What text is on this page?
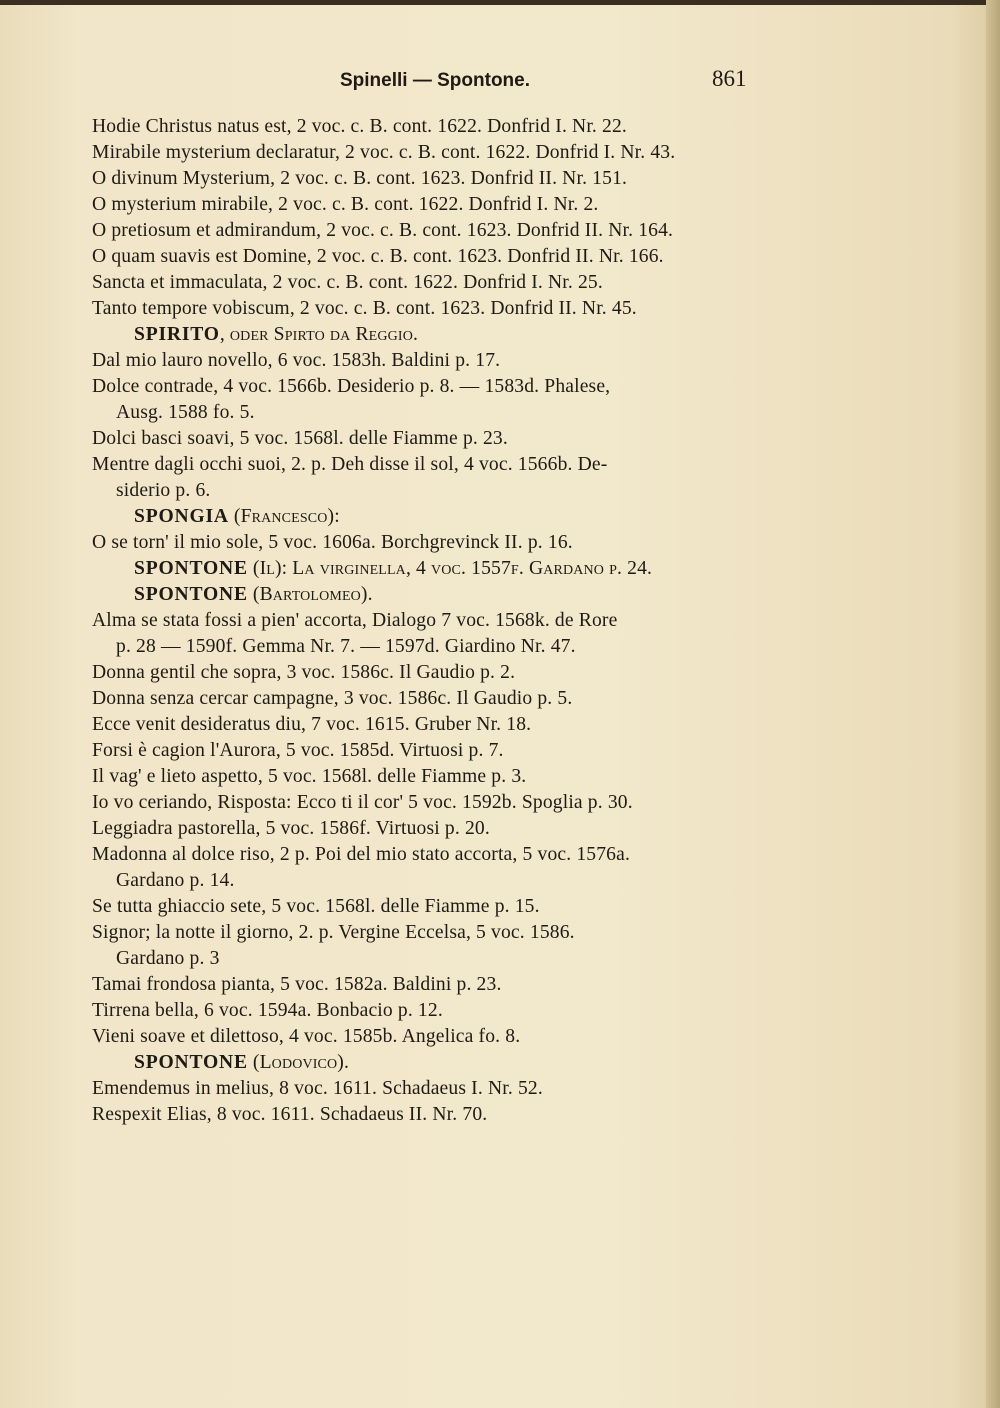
Spinelli — Spontone.	861
Hodie Christus natus est, 2 voc. c. B. cont. 1622. Donfrid I. Nr. 22.
Mirabile mysterium declaratur, 2 voc. c. B. cont. 1622. Donfrid I. Nr. 43.
O divinum Mysterium, 2 voc. c. B. cont. 1623. Donfrid II. Nr. 151.
O mysterium mirabile, 2 voc. c. B. cont. 1622. Donfrid I. Nr. 2.
O pretiosum et admirandum, 2 voc. c. B. cont. 1623. Donfrid II. Nr. 164.
O quam suavis est Domine, 2 voc. c. B. cont. 1623. Donfrid II. Nr. 166.
Sancta et immaculata, 2 voc. c. B. cont. 1622. Donfrid I. Nr. 25.
Tanto tempore vobiscum, 2 voc. c. B. cont. 1623. Donfrid II. Nr. 45.
SPIRITO, oder Spirto da Reggio.
Dal mio lauro novello, 6 voc. 1583h. Baldini p. 17.
Dolce contrade, 4 voc. 1566b. Desiderio p. 8. — 1583d. Phalese,
Ausg. 1588 fo. 5.
Dolci basci soavi, 5 voc. 1568l. delle Fiamme p. 23.
Mentre dagli occhi suoi, 2. p. Deh disse il sol, 4 voc. 1566b. De-
siderio p. 6.
SPONGIA (Francesco):
O se torn' il mio sole, 5 voc. 1606a. Borchgrevinck II. p. 16.
SPONTONE (Il): La virginella, 4 voc. 1557f. Gardano p. 24.
SPONTONE (Bartolomeo).
Alma se stata fossi a pien' accorta, Dialogo 7 voc. 1568k. de Rore
p. 28 — 1590f. Gemma Nr. 7. — 1597d. Giardino Nr. 47.
Donna gentil che sopra, 3 voc. 1586c. Il Gaudio p. 2.
Donna senza cercar campagne, 3 voc. 1586c. Il Gaudio p. 5.
Ecce venit desideratus diu, 7 voc. 1615. Gruber Nr. 18.
Forsi è cagion l'Aurora, 5 voc. 1585d. Virtuosi p. 7.
Il vag' e lieto aspetto, 5 voc. 1568l. delle Fiamme p. 3.
Io vo ceriando, Risposta: Ecco ti il cor' 5 voc. 1592b. Spoglia p. 30.
Leggiadra pastorella, 5 voc. 1586f. Virtuosi p. 20.
Madonna al dolce riso, 2 p. Poi del mio stato accorta, 5 voc. 1576a.
Gardano p. 14.
Se tutta ghiaccio sete, 5 voc. 1568l. delle Fiamme p. 15.
Signor; la notte il giorno, 2. p. Vergine Eccelsa, 5 voc. 1586.
Gardano p. 3
Tamai frondosa pianta, 5 voc. 1582a. Baldini p. 23.
Tirrena bella, 6 voc. 1594a. Bonbacio p. 12.
Vieni soave et dilettoso, 4 voc. 1585b. Angelica fo. 8.
SPONTONE (Lodovico).
Emendemus in melius, 8 voc. 1611. Schadaeus I. Nr. 52.
Respexit Elias, 8 voc. 1611. Schadaeus II. Nr. 70.
